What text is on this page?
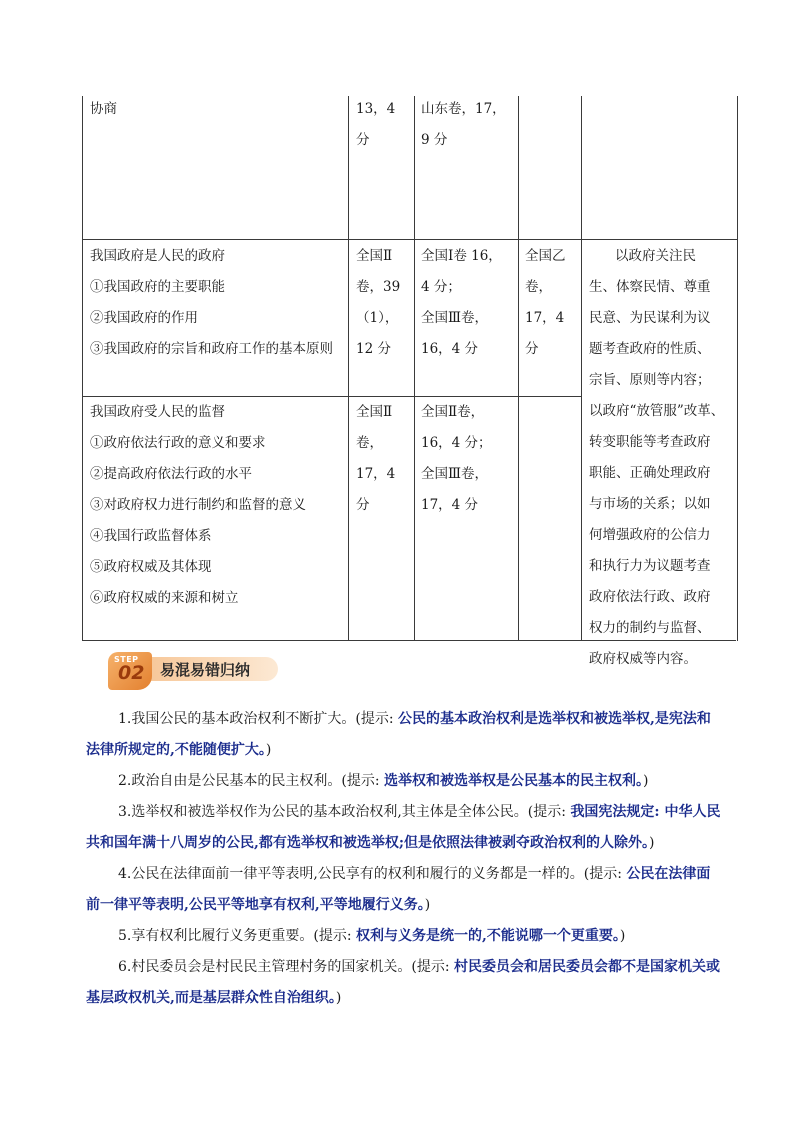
协商	13，4
分
山东卷，17，
9 分
我国政府是人民的政府
①我国政府的主要职能
②我国政府的作用
③我国政府的宗旨和政府工作的基本原则
全国Ⅱ
卷，39
（1），
12 分
全国Ⅰ卷 16，
4 分；
全国Ⅲ卷，
16，4 分
全国乙
卷，
17，4
分
我国政府受人民的监督
①政府依法行政的意义和要求
②提高政府依法行政的水平
③对政府权力进行制约和监督的意义
④我国行政监督体系
⑤政府权威及其体现
⑥政府权威的来源和树立
全国Ⅱ
卷，
17，4
分
全国Ⅱ卷，
16，4 分；
全国Ⅲ卷，
17，4 分
以政府关注民
生、体察民情、尊重
民意、为民谋利为议
题考查政府的性质、
宗旨、原则等内容；
以政府“放管服”改革、
转变职能等考查政府
职能、正确处理政府
与市场的关系；以如
何增强政府的公信力
和执行力为议题考查
政府依法行政、政府
权力的制约与监督、
政府权威等内容。
STEP
02 易混易错归纳
1.我国公民的基本政治权利不断扩大。(提示: 公民的基本政治权利是选举权和被选举权,是宪法和法律所规定的,不能随便扩大。)
2.政治自由是公民基本的民主权利。(提示: 选举权和被选举权是公民基本的民主权利。)
3.选举权和被选举权作为公民的基本政治权利,其主体是全体公民。(提示: 我国宪法规定: 中华人民共和国年满十八周岁的公民,都有选举权和被选举权;但是依照法律被剥夺政治权利的人除外。)
4.公民在法律面前一律平等表明,公民享有的权利和履行的义务都是一样的。(提示: 公民在法律面前一律平等表明,公民平等地享有权利,平等地履行义务。)
5.享有权利比履行义务更重要。(提示: 权利与义务是统一的,不能说哪一个更重要。)
6.村民委员会是村民民主管理村务的国家机关。(提示: 村民委员会和居民委员会都不是国家机关或基层政权机关,而是基层群众性自治组织。)
